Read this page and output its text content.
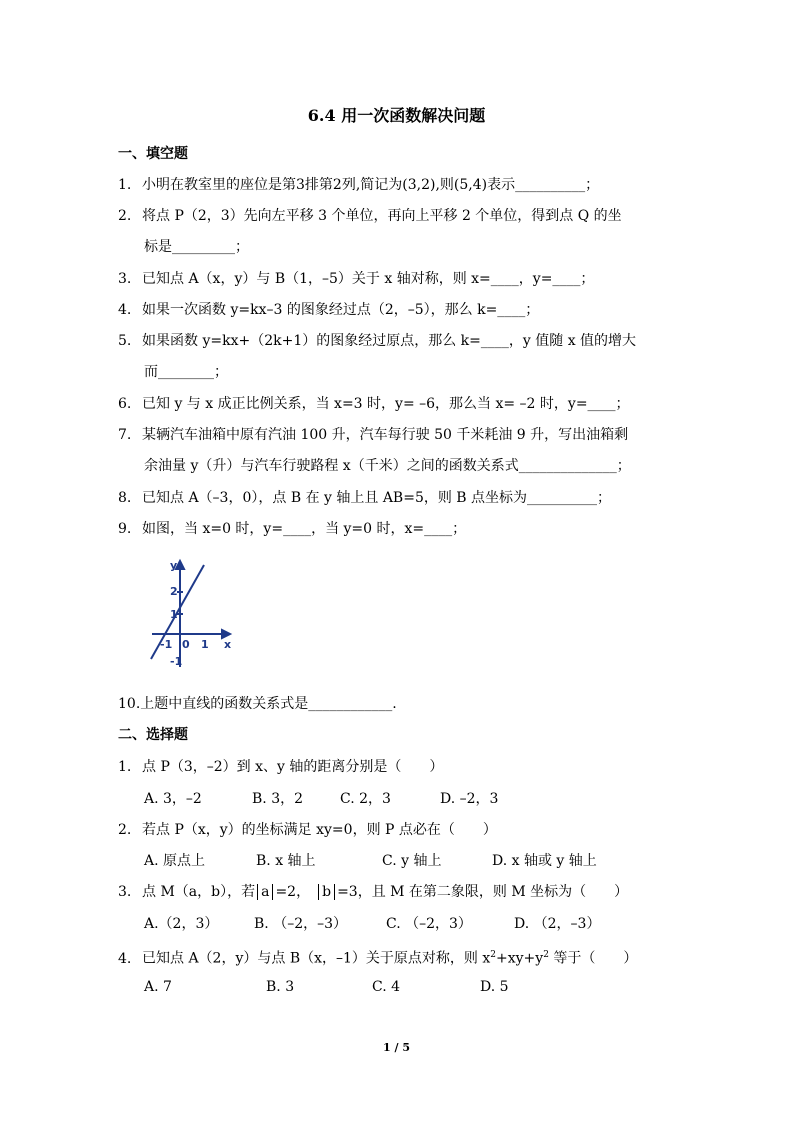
6.4 用一次函数解决问题
一、填空题
1. 小明在教室里的座位是第3排第2列,简记为(3,2),则(5,4)表示__________；
2. 将点 P（2，3）先向左平移 3 个单位，再向上平移 2 个单位，得到点 Q 的坐
标是_________；
3. 已知点 A（x，y）与 B（1，–5）关于 x 轴对称，则 x=____，y=____；
4. 如果一次函数 y=kx–3 的图象经过点（2，–5），那么 k=____；
5. 如果函数 y=kx+（2k+1）的图象经过原点，那么 k=____，y 值随 x 值的增大
而________；
6. 已知 y 与 x 成正比例关系，当 x=3 时，y= –6，那么当 x= –2 时，y=____；
7. 某辆汽车油箱中原有汽油 100 升，汽车每行驶 50 千米耗油 9 升，写出油箱剩
余油量 y（升）与汽车行驶路程 x（千米）之间的函数关系式______________；
8. 已知点 A（–3，0），点 B 在 y 轴上且 AB=5，则 B 点坐标为__________；
9. 如图，当 x=0 时，y=____，当 y=0 时，x=____；
y
2
1
-1 0 1 x
-1
10.上题中直线的函数关系式是____________.
二、选择题
1. 点 P（3，–2）到 x、y 轴的距离分别是（　　）
A. 3，–2	B. 3，2	C. 2，3	D. –2，3
2. 若点 P（x，y）的坐标满足 xy=0，则 P 点必在（　　）
A. 原点上	B. x 轴上	C. y 轴上	D. x 轴或 y 轴上
3. 点 M（a，b），若 a =2， b =3，且 M 在第二象限，则 M 坐标为（　　）
A.（2，3）	B. （–2，–3）	C. （–2，3）	D. （2，–3）
4. 已知点 A（2，y）与点 B（x，–1）关于原点对称，则 $x^2+xy+y^2$ 等于（　　）
A. 7	B. 3	C. 4	D. 5
1 / 5
